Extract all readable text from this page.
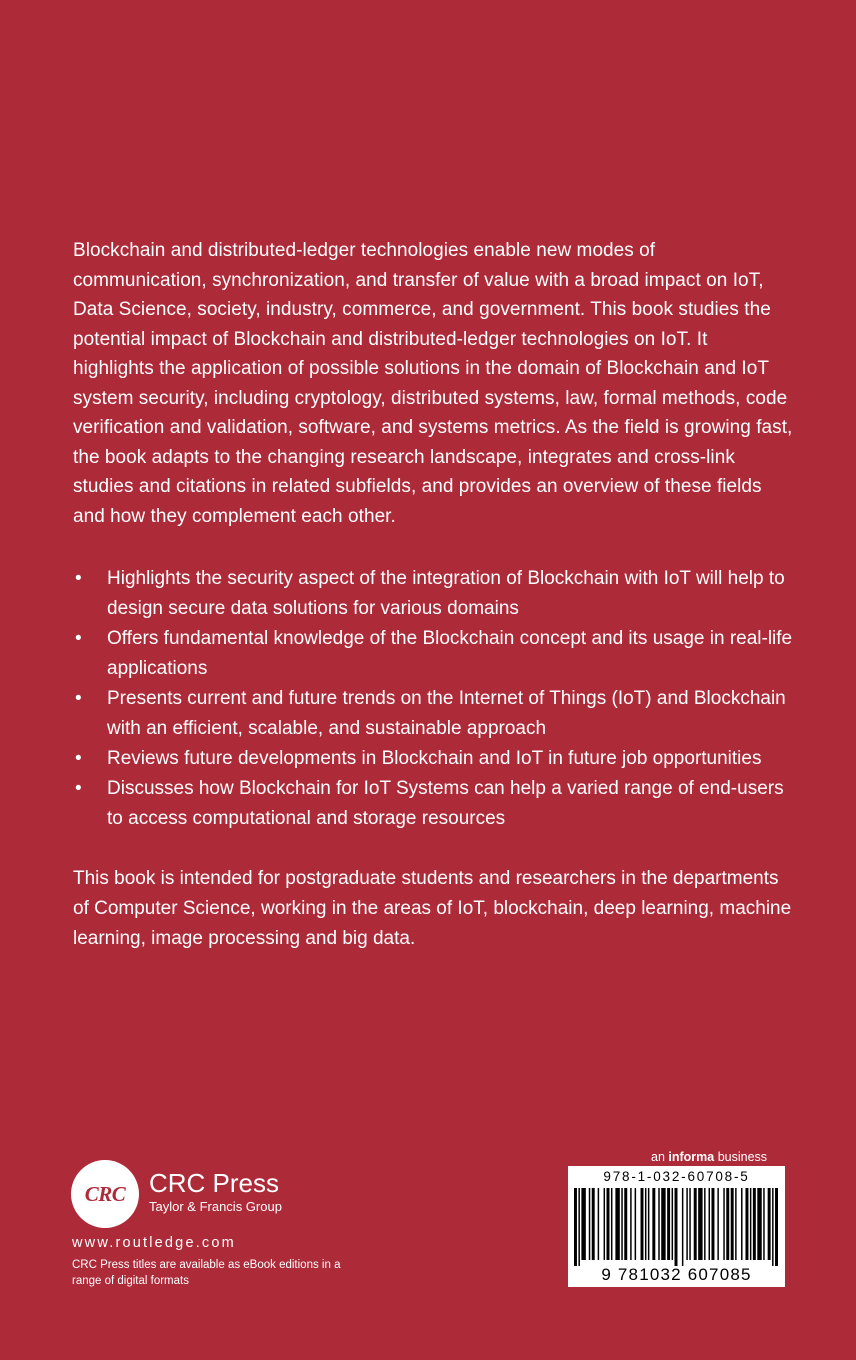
Blockchain and distributed-ledger technologies enable new modes of communication, synchronization, and transfer of value with a broad impact on IoT, Data Science, society, industry, commerce, and government. This book studies the potential impact of Blockchain and distributed-ledger technologies on IoT. It highlights the application of possible solutions in the domain of Blockchain and IoT system security, including cryptology, distributed systems, law, formal methods, code verification and validation, software, and systems metrics. As the field is growing fast, the book adapts to the changing research landscape, integrates and cross-link studies and citations in related subfields, and provides an overview of these fields and how they complement each other.

• Highlights the security aspect of the integration of Blockchain with IoT will help to design secure data solutions for various domains
• Offers fundamental knowledge of the Blockchain concept and its usage in real-life applications
• Presents current and future trends on the Internet of Things (IoT) and Blockchain with an efficient, scalable, and sustainable approach
• Reviews future developments in Blockchain and IoT in future job opportunities
• Discusses how Blockchain for IoT Systems can help a varied range of end-users to access computational and storage resources

This book is intended for postgraduate students and researchers in the departments of Computer Science, working in the areas of IoT, blockchain, deep learning, machine learning, image processing and big data.

CRC CRC Press

Taylor & Francis Group

www.routledge.com

CRC Press titles are available as eBook editions in a range of digital formats

an informa business

978-1-032-60708-5
9 781032 607085
